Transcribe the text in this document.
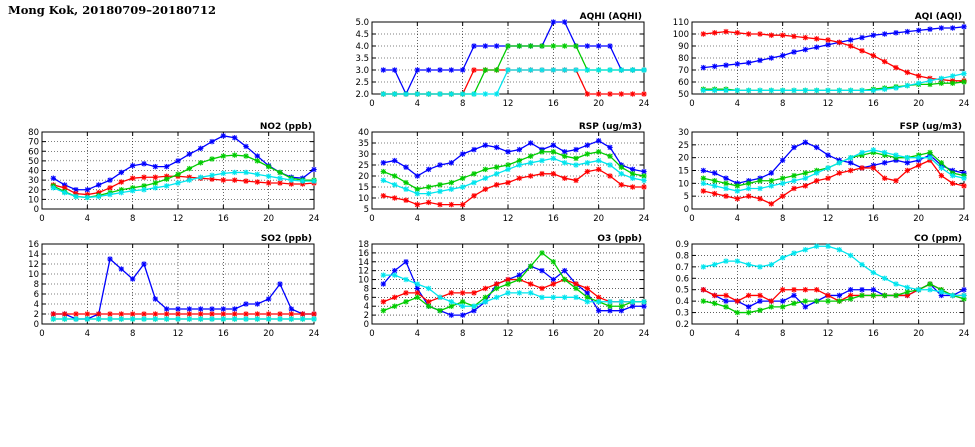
Mong Kok, 20180709–20180712
2.0
2.5
3.0
3.5
4.0
4.5
5.0
0	4	8	12	16	20	24
AQHI (AQHI)
50
60
70
80
90
100
110
0	4	8	12	16	20	24
AQI (AQI)
0
10
20
30
40
50
60
70
80
0	4	8	12	16	20	24
NO2 (ppb)
5
10
15
20
25
30
35
40
0	4	8	12	16	20	24
RSP (ug/m3)
0
5
10
15
20
25
30
0	4	8	12	16	20	24
FSP (ug/m3)
0
2
4
6
8
10
12
14
16
0	4	8	12	16	20	24
SO2 (ppb)
0
2
4
6
8
10
12
14
16
18
0	4	8	12	16	20	24
O3 (ppb)
0.2
0.3
0.4
0.5
0.6
0.7
0.8
0.9
0	4	8	12	16	20	24
CO (ppm)
